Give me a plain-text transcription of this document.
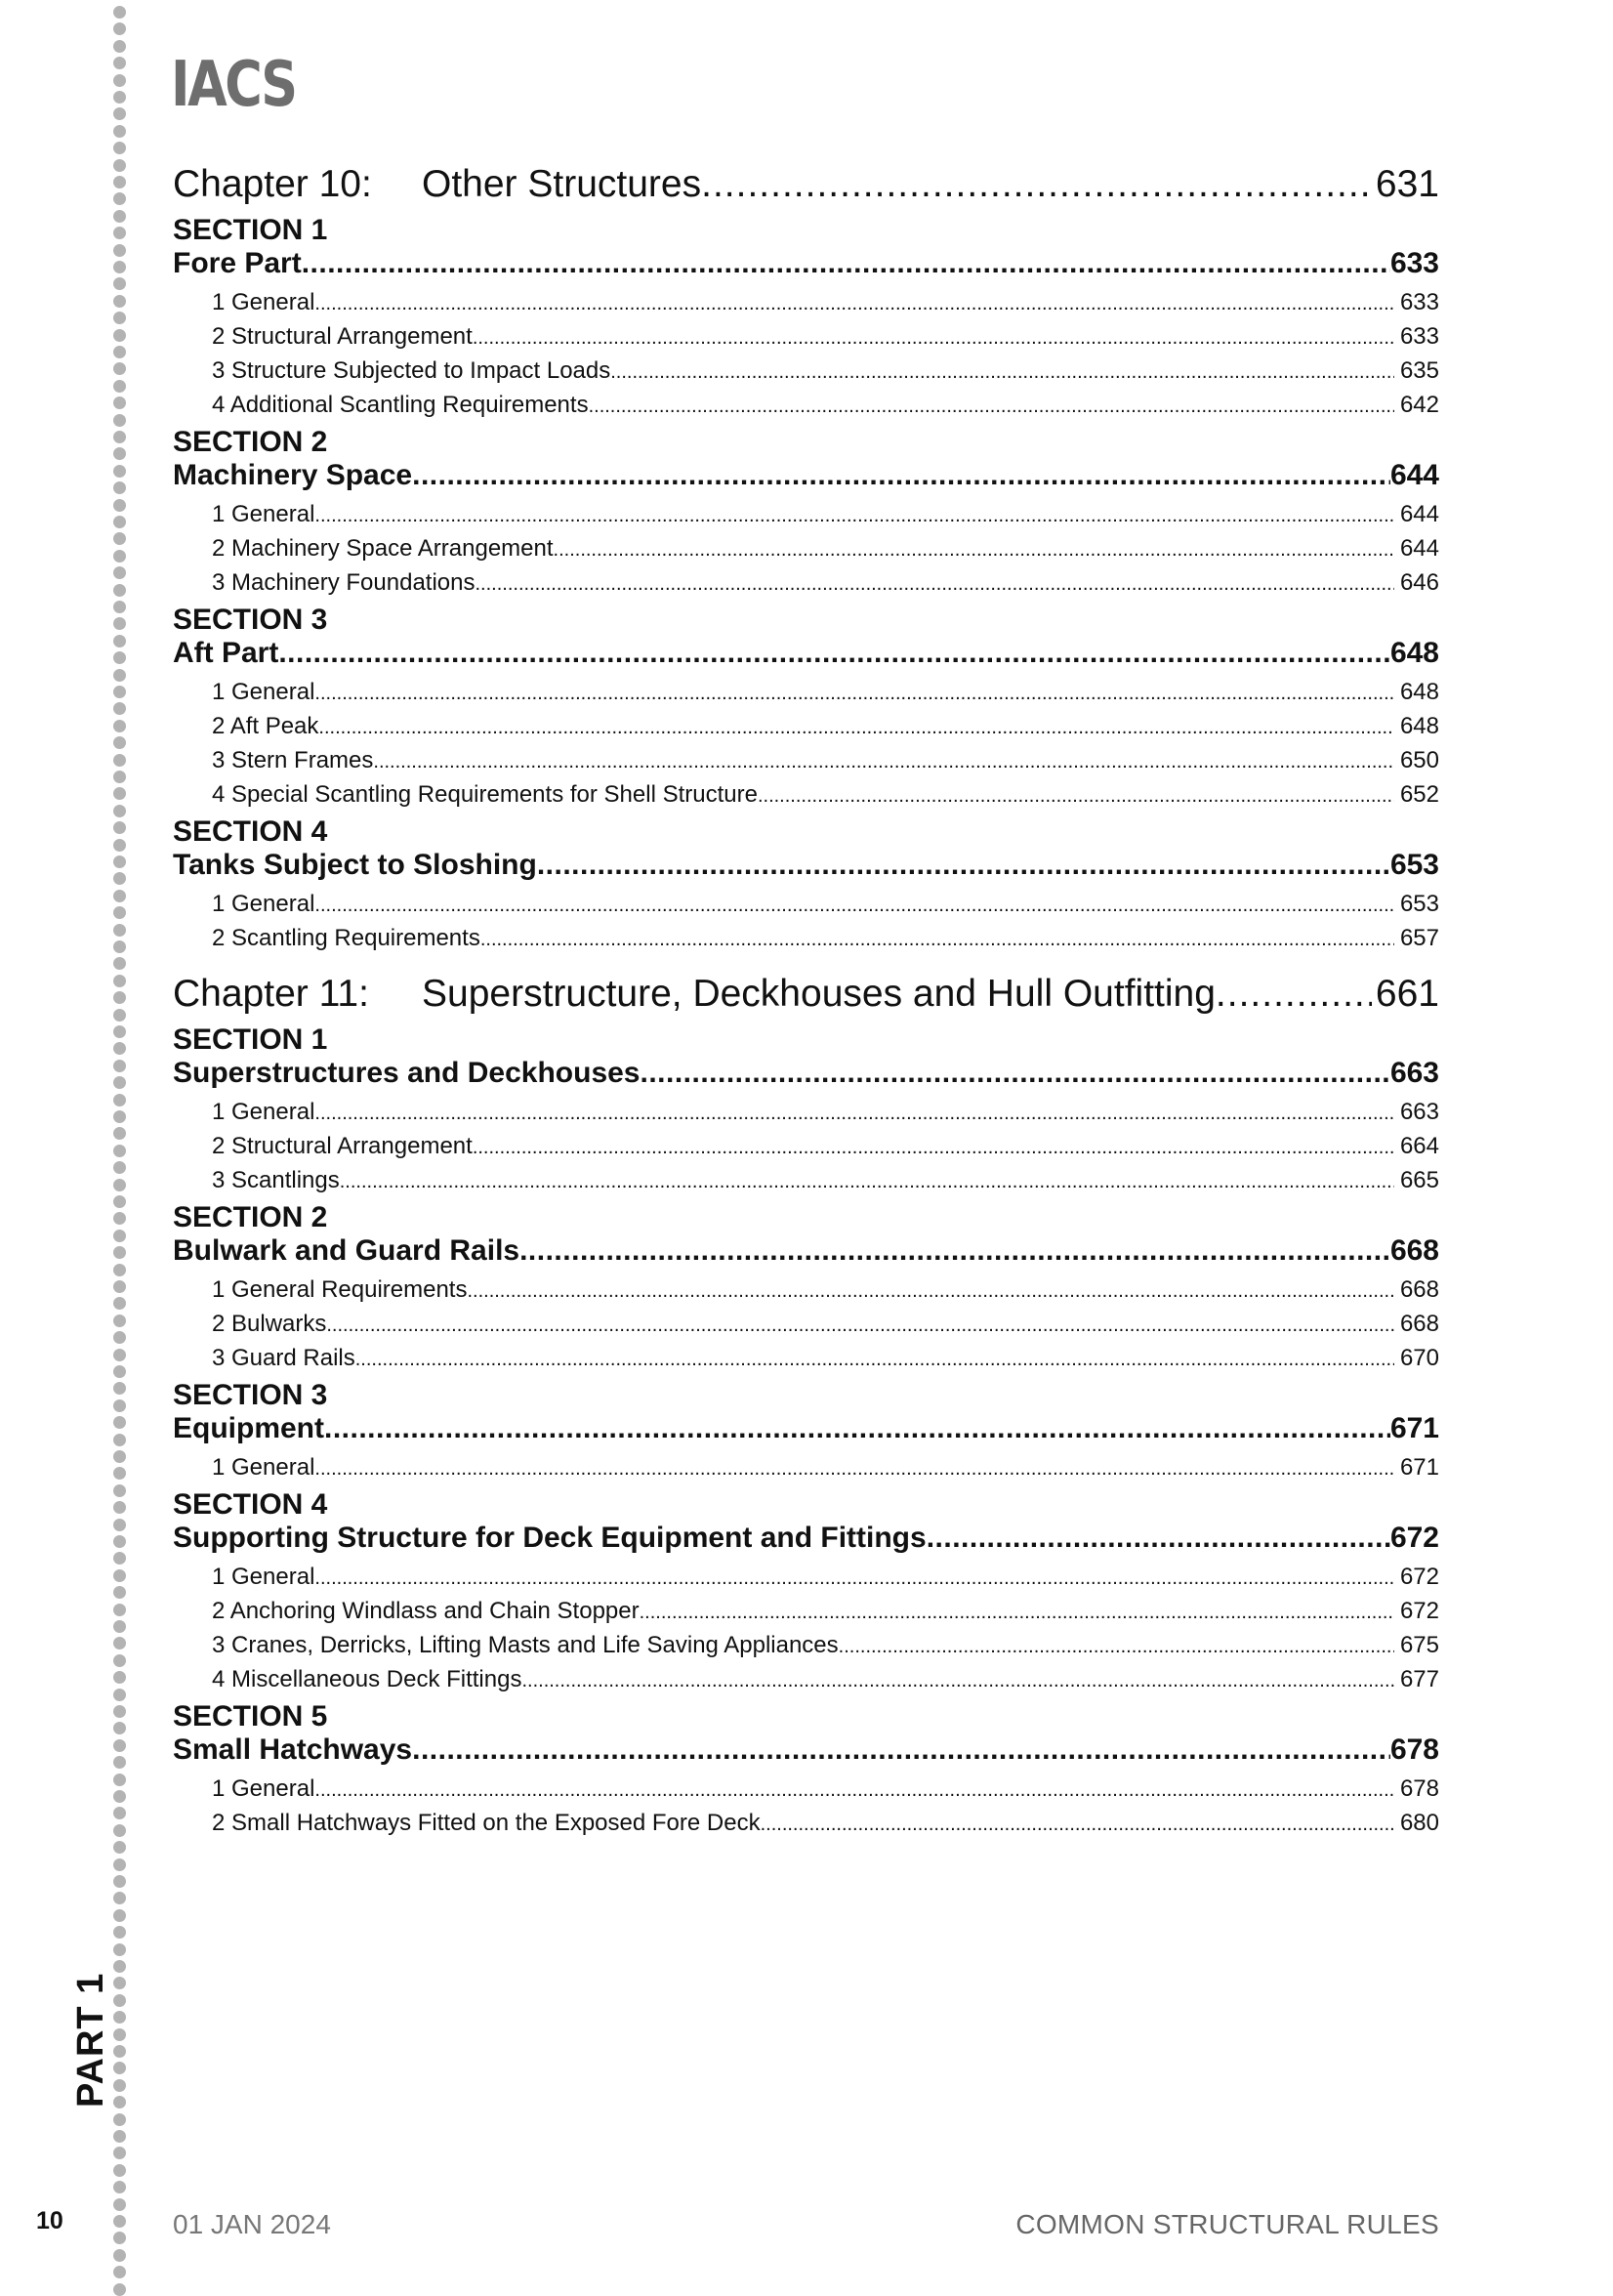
IACS
Chapter 10: Other Structures .....	631
SECTION 1
Fore Part .....	633
1 General .....	633
2 Structural Arrangement .....	633
3 Structure Subjected to Impact Loads .....	635
4 Additional Scantling Requirements .....	642
SECTION 2
Machinery Space .....	644
1 General .....	644
2 Machinery Space Arrangement .....	644
3 Machinery Foundations .....	646
SECTION 3
Aft Part .....	648
1 General .....	648
2 Aft Peak .....	648
3 Stern Frames .....	650
4 Special Scantling Requirements for Shell Structure .....	652
SECTION 4
Tanks Subject to Sloshing .....	653
1 General .....	653
2 Scantling Requirements .....	657
Chapter 11: Superstructure, Deckhouses and Hull Outfitting .....	661
SECTION 1
Superstructures and Deckhouses .....	663
1 General .....	663
2 Structural Arrangement .....	664
3 Scantlings .....	665
SECTION 2
Bulwark and Guard Rails .....	668
1 General Requirements .....	668
2 Bulwarks .....	668
3 Guard Rails .....	670
SECTION 3
Equipment .....	671
1 General .....	671
SECTION 4
Supporting Structure for Deck Equipment and Fittings .....	672
1 General .....	672
2 Anchoring Windlass and Chain Stopper .....	672
3 Cranes, Derricks, Lifting Masts and Life Saving Appliances .....	675
4 Miscellaneous Deck Fittings .....	677
SECTION 5
Small Hatchways .....	678
1 General .....	678
2 Small Hatchways Fitted on the Exposed Fore Deck .....	680
PART 1
10	01 JAN 2024	COMMON STRUCTURAL RULES
